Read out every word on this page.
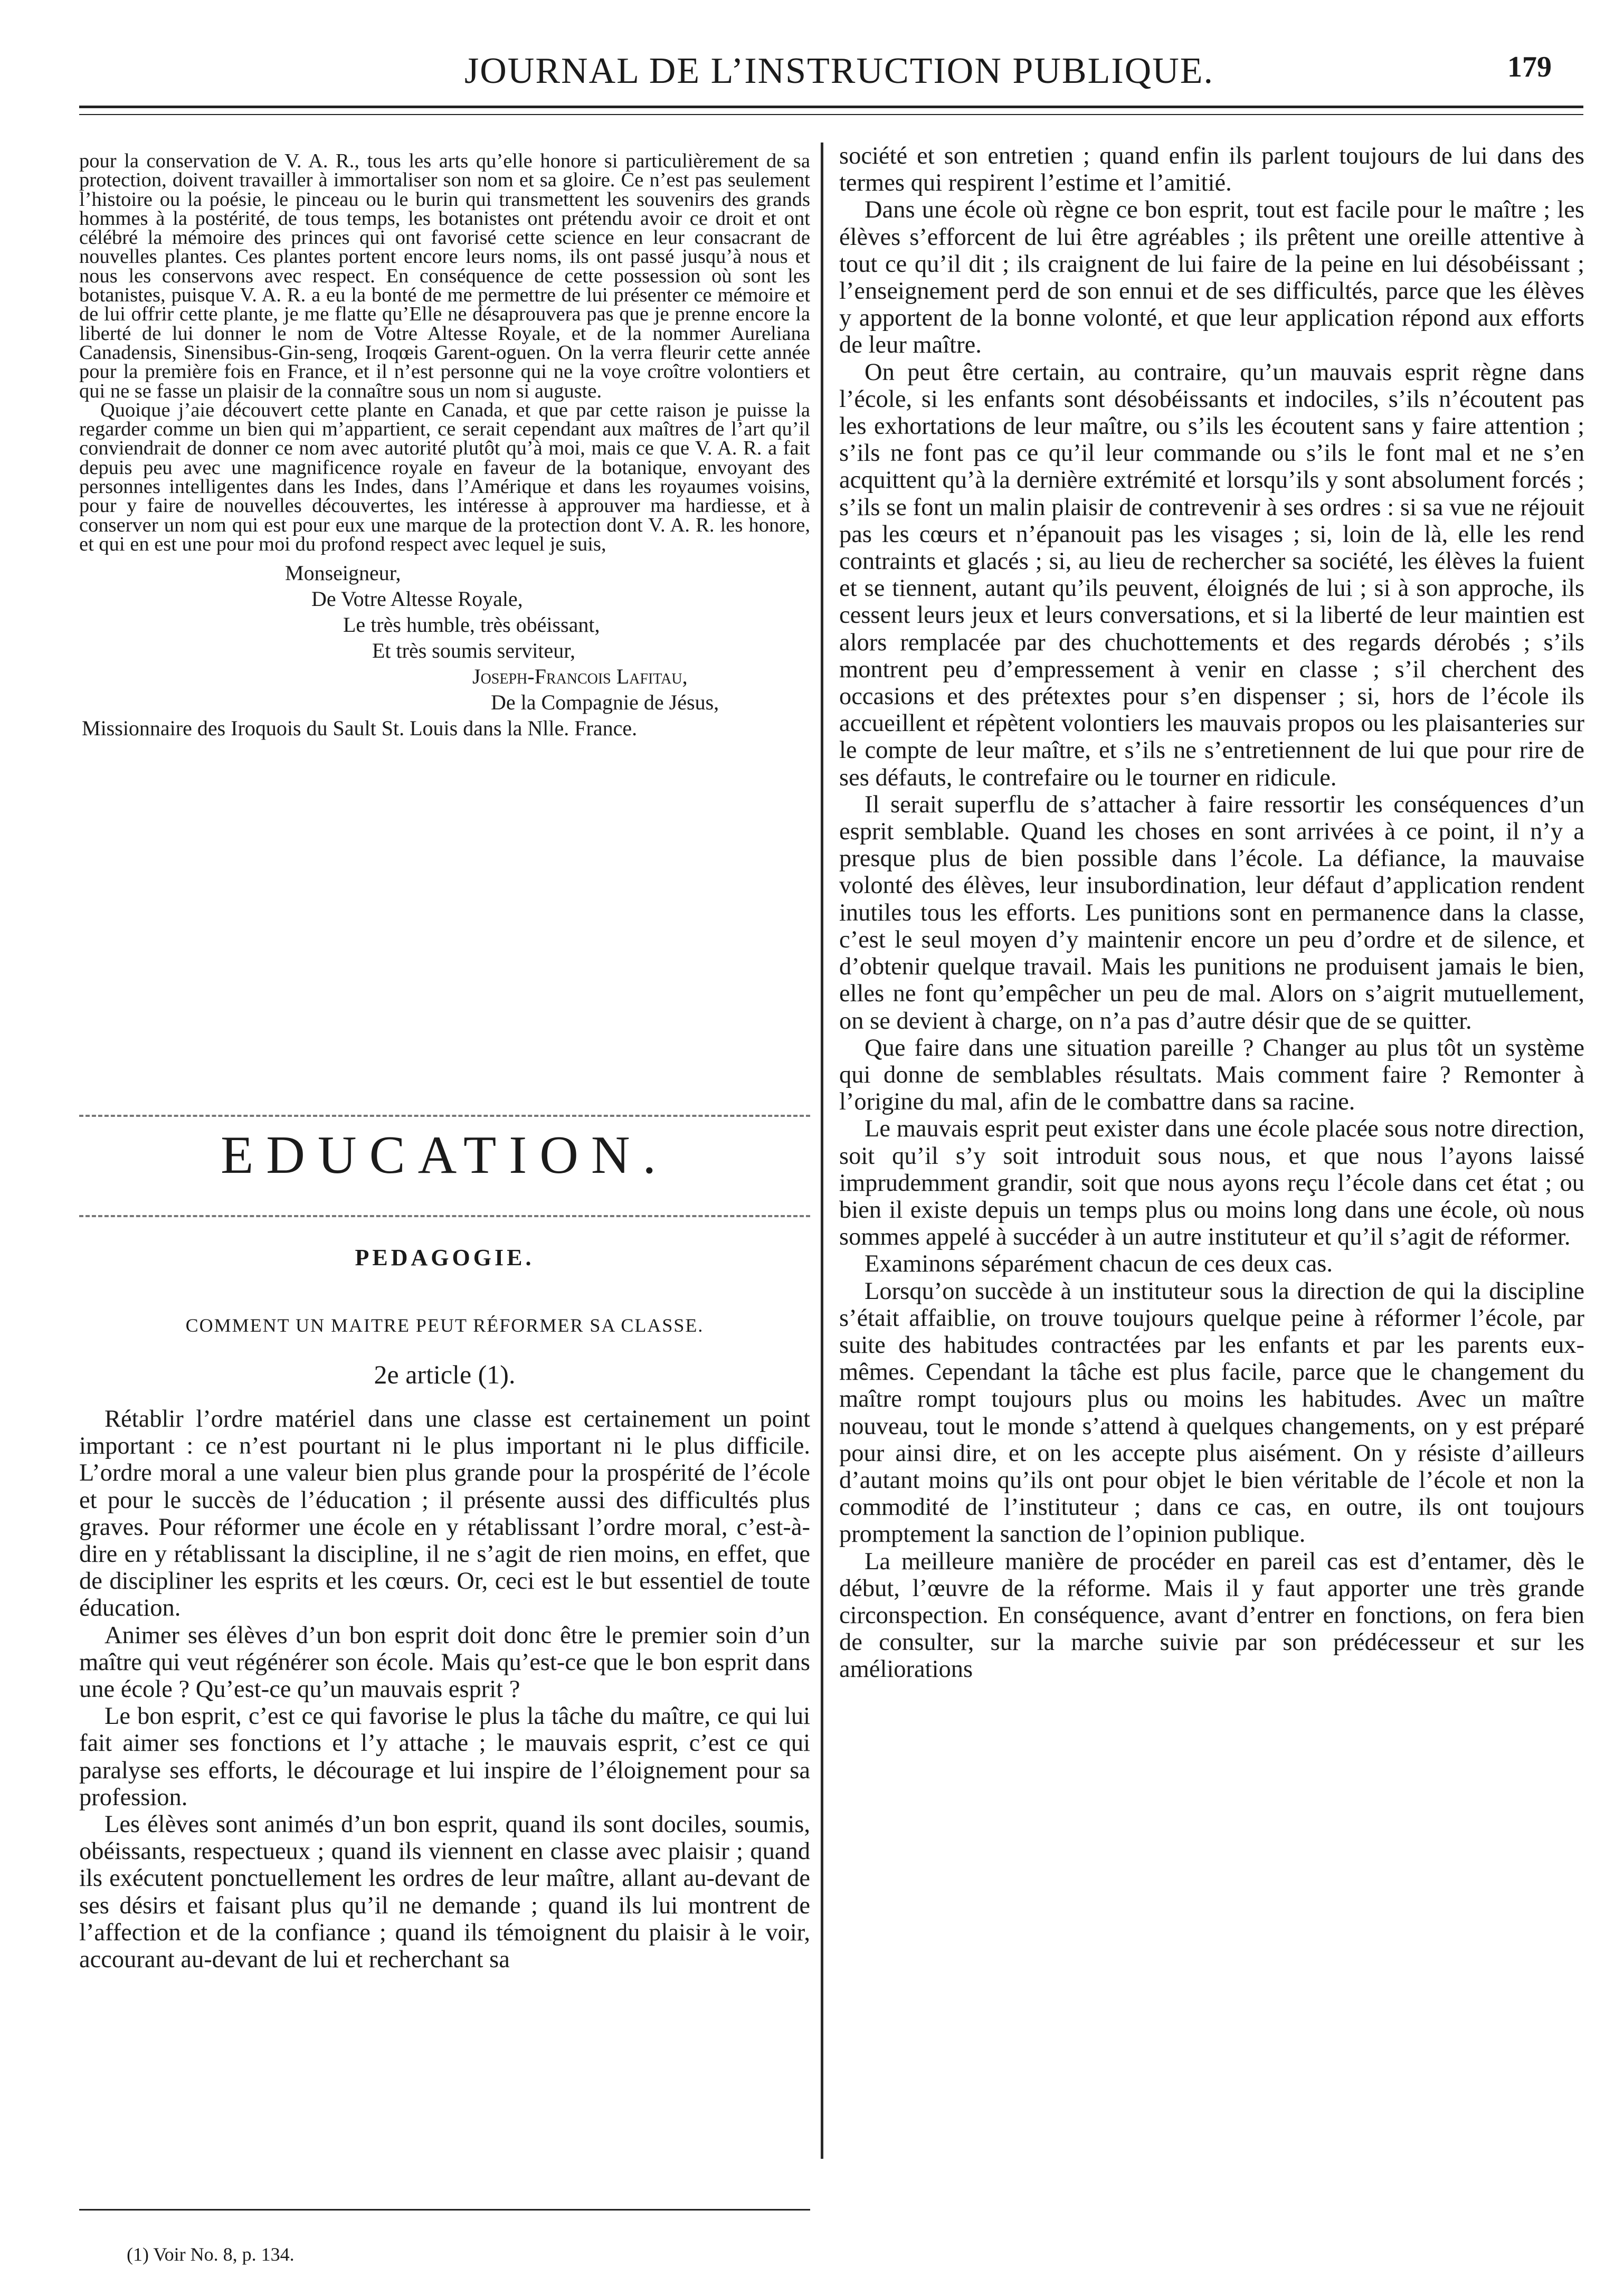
JOURNAL DE L’INSTRUCTION PUBLIQUE.	179

pour la conservation de V. A. R., tous les arts qu’elle honore si particulièrement de sa protection, doivent travailler à immortaliser son nom et sa gloire. Ce n’est pas seulement l’histoire ou la poésie, le pinceau ou le burin qui transmettent les souvenirs des grands hommes à la postérité, de tous temps, les botanistes ont prétendu avoir ce droit et ont célébré la mémoire des princes qui ont favorisé cette science en leur consacrant de nouvelles plantes. Ces plantes portent encore leurs noms, ils ont passé jusqu’à nous et nous les conservons avec respect. En conséquence de cette possession où sont les botanistes, puisque V. A. R. a eu la bonté de me permettre de lui présenter ce mémoire et de lui offrir cette plante, je me flatte qu’Elle ne désaprouvera pas que je prenne encore la liberté de lui donner le nom de Votre Altesse Royale, et de la nommer Aureliana Canadensis, Sinensibus-Gin-seng, Iroqœis Garent-oguen. On la verra fleurir cette année pour la première fois en France, et il n’est personne qui ne la voye croître volontiers et qui ne se fasse un plaisir de la connaître sous un nom si auguste.

Quoique j’aie découvert cette plante en Canada, et que par cette raison je puisse la regarder comme un bien qui m’appartient, ce serait cependant aux maîtres de l’art qu’il conviendrait de donner ce nom avec autorité plutôt qu’à moi, mais ce que V. A. R. a fait depuis peu avec une magnificence royale en faveur de la botanique, envoyant des personnes intelligentes dans les Indes, dans l’Amérique et dans les royaumes voisins, pour y faire de nouvelles découvertes, les intéresse à approuver ma hardiesse, et à conserver un nom qui est pour eux une marque de la protection dont V. A. R. les honore, et qui en est une pour moi du profond respect avec lequel je suis,

Monseigneur,
De Votre Altesse Royale,
Le très humble, très obéissant,
Et très soumis serviteur,
Joseph-Francois Lafitau,
De la Compagnie de Jésus,
Missionnaire des Iroquois du Sault St. Louis dans la Nlle. France.
EDUCATION.
PEDAGOGIE.
COMMENT UN MAITRE PEUT RÉFORMER SA CLASSE.
2e article (1).

Rétablir l’ordre matériel dans une classe est certainement un point important : ce n’est pourtant ni le plus important ni le plus difficile. L’ordre moral a une valeur bien plus grande pour la prospérité de l’école et pour le succès de l’éducation ; il présente aussi des difficultés plus graves. Pour réformer une école en y rétablissant l’ordre moral, c’est-à-dire en y rétablissant la discipline, il ne s’agit de rien moins, en effet, que de discipliner les esprits et les cœurs. Or, ceci est le but essentiel de toute éducation.

Animer ses élèves d’un bon esprit doit donc être le premier soin d’un maître qui veut régénérer son école. Mais qu’est-ce que le bon esprit dans une école ? Qu’est-ce qu’un mauvais esprit ?

Le bon esprit, c’est ce qui favorise le plus la tâche du maître, ce qui lui fait aimer ses fonctions et l’y attache ; le mauvais esprit, c’est ce qui paralyse ses efforts, le décourage et lui inspire de l’éloignement pour sa profession.

Les élèves sont animés d’un bon esprit, quand ils sont dociles, soumis, obéissants, respectueux ; quand ils viennent en classe avec plaisir ; quand ils exécutent ponctuellement les ordres de leur maître, allant au-devant de ses désirs et faisant plus qu’il ne demande ; quand ils lui montrent de l’affection et de la confiance ; quand ils témoignent du plaisir à le voir, accourant au-devant de lui et recherchant sa

(1) Voir No. 8, p. 134.

société et son entretien ; quand enfin ils parlent toujours de lui dans des termes qui respirent l’estime et l’amitié.

Dans une école où règne ce bon esprit, tout est facile pour le maître ; les élèves s’efforcent de lui être agréables ; ils prêtent une oreille attentive à tout ce qu’il dit ; ils craignent de lui faire de la peine en lui désobéissant ; l’enseignement perd de son ennui et de ses difficultés, parce que les élèves y apportent de la bonne volonté, et que leur application répond aux efforts de leur maître.

On peut être certain, au contraire, qu’un mauvais esprit règne dans l’école, si les enfants sont désobéissants et indociles, s’ils n’écoutent pas les exhortations de leur maître, ou s’ils les écoutent sans y faire attention ; s’ils ne font pas ce qu’il leur commande ou s’ils le font mal et ne s’en acquittent qu’à la dernière extrémité et lorsqu’ils y sont absolument forcés ; s’ils se font un malin plaisir de contrevenir à ses ordres : si sa vue ne réjouit pas les cœurs et n’épanouit pas les visages ; si, loin de là, elle les rend contraints et glacés ; si, au lieu de rechercher sa société, les élèves la fuient et se tiennent, autant qu’ils peuvent, éloignés de lui ; si à son approche, ils cessent leurs jeux et leurs conversations, et si la liberté de leur maintien est alors remplacée par des chuchottements et des regards dérobés ; s’ils montrent peu d’empressement à venir en classe ; s’il cherchent des occasions et des prétextes pour s’en dispenser ; si, hors de l’école ils accueillent et répètent volontiers les mauvais propos ou les plaisanteries sur le compte de leur maître, et s’ils ne s’entretiennent de lui que pour rire de ses défauts, le contrefaire ou le tourner en ridicule.

Il serait superflu de s’attacher à faire ressortir les conséquences d’un esprit semblable. Quand les choses en sont arrivées à ce point, il n’y a presque plus de bien possible dans l’école. La défiance, la mauvaise volonté des élèves, leur insubordination, leur défaut d’application rendent inutiles tous les efforts. Les punitions sont en permanence dans la classe, c’est le seul moyen d’y maintenir encore un peu d’ordre et de silence, et d’obtenir quelque travail. Mais les punitions ne produisent jamais le bien, elles ne font qu’empêcher un peu de mal. Alors on s’aigrit mutuellement, on se devient à charge, on n’a pas d’autre désir que de se quitter.

Que faire dans une situation pareille ? Changer au plus tôt un système qui donne de semblables résultats. Mais comment faire ? Remonter à l’origine du mal, afin de le combattre dans sa racine.

Le mauvais esprit peut exister dans une école placée sous notre direction, soit qu’il s’y soit introduit sous nous, et que nous l’ayons laissé imprudemment grandir, soit que nous ayons reçu l’école dans cet état ; ou bien il existe depuis un temps plus ou moins long dans une école, où nous sommes appelé à succéder à un autre instituteur et qu’il s’agit de réformer.

Examinons séparément chacun de ces deux cas.

Lorsqu’on succède à un instituteur sous la direction de qui la discipline s’était affaiblie, on trouve toujours quelque peine à réformer l’école, par suite des habitudes contractées par les enfants et par les parents eux-mêmes. Cependant la tâche est plus facile, parce que le changement du maître rompt toujours plus ou moins les habitudes. Avec un maître nouveau, tout le monde s’attend à quelques changements, on y est préparé pour ainsi dire, et on les accepte plus aisément. On y résiste d’ailleurs d’autant moins qu’ils ont pour objet le bien véritable de l’école et non la commodité de l’instituteur ; dans ce cas, en outre, ils ont toujours promptement la sanction de l’opinion publique.

La meilleure manière de procéder en pareil cas est d’entamer, dès le début, l’œuvre de la réforme. Mais il y faut apporter une très grande circonspection. En conséquence, avant d’entrer en fonctions, on fera bien de consulter, sur la marche suivie par son prédécesseur et sur les améliorations
